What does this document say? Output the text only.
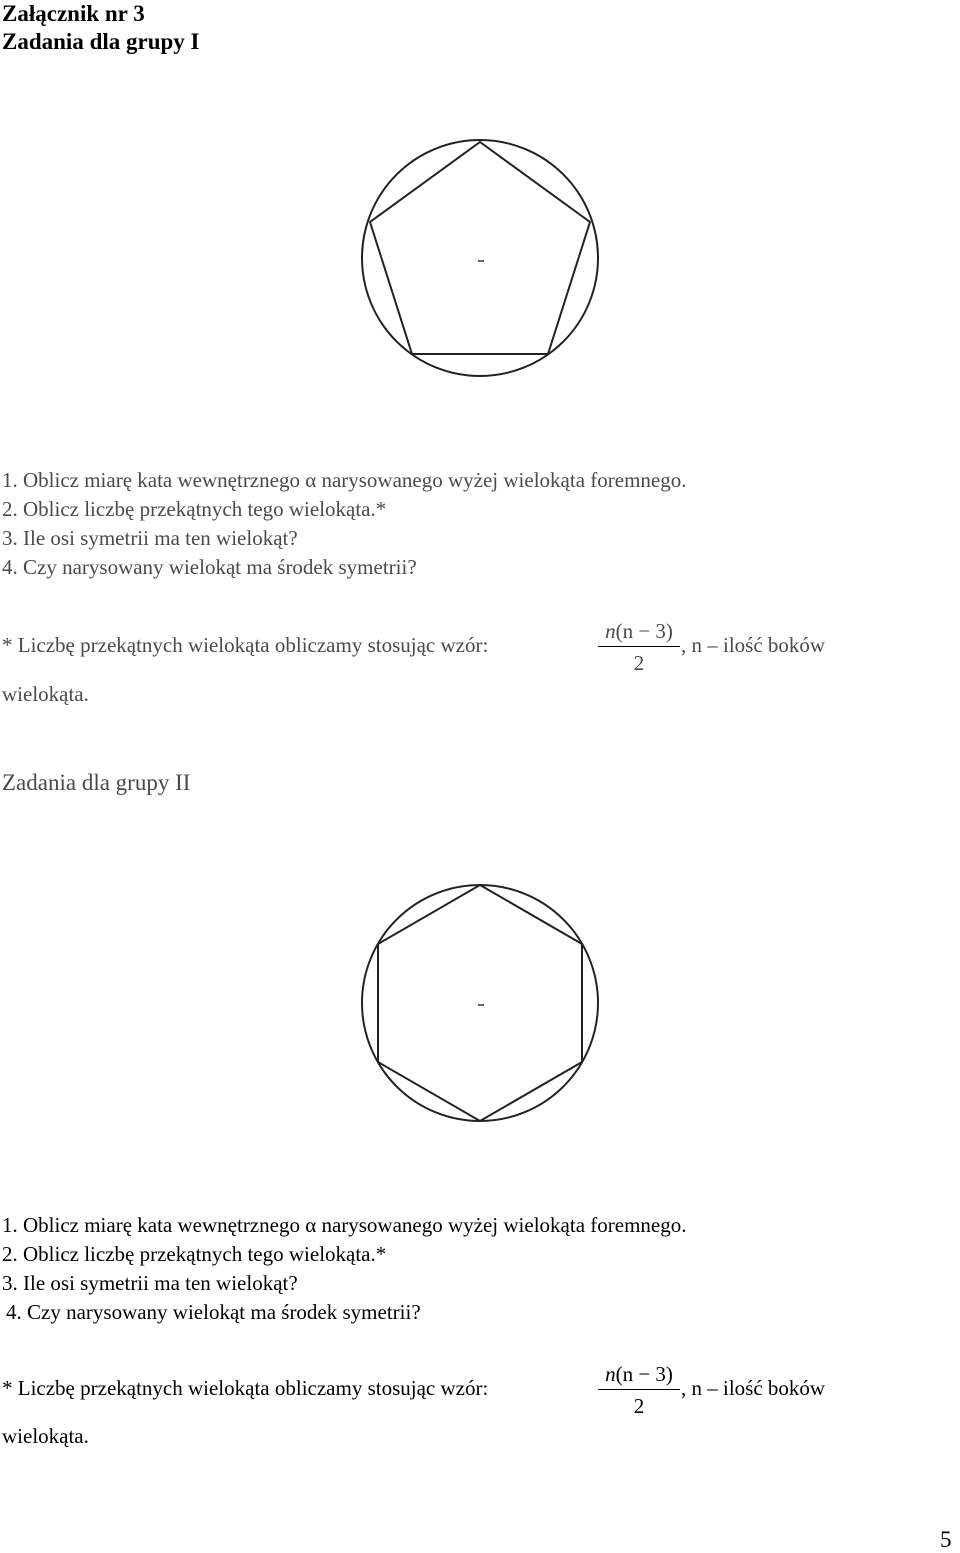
Załącznik nr 3
Zadania dla grupy I
1. Oblicz miarę kata wewnętrznego α narysowanego wyżej wielokąta foremnego.
2. Oblicz liczbę przekątnych tego wielokąta.*
3. Ile osi symetrii ma ten wielokąt?
4. Czy narysowany wielokąt ma środek symetrii?
* Liczbę przekątnych wielokąta obliczamy stosując wzór:
n(n − 3)
2
, n – ilość boków
wielokąta.
Zadania dla grupy II
1. Oblicz miarę kata wewnętrznego α narysowanego wyżej wielokąta foremnego.
2. Oblicz liczbę przekątnych tego wielokąta.*
3. Ile osi symetrii ma ten wielokąt?
4. Czy narysowany wielokąt ma środek symetrii?
* Liczbę przekątnych wielokąta obliczamy stosując wzór:
n(n − 3)
2
, n – ilość boków
wielokąta.
5
